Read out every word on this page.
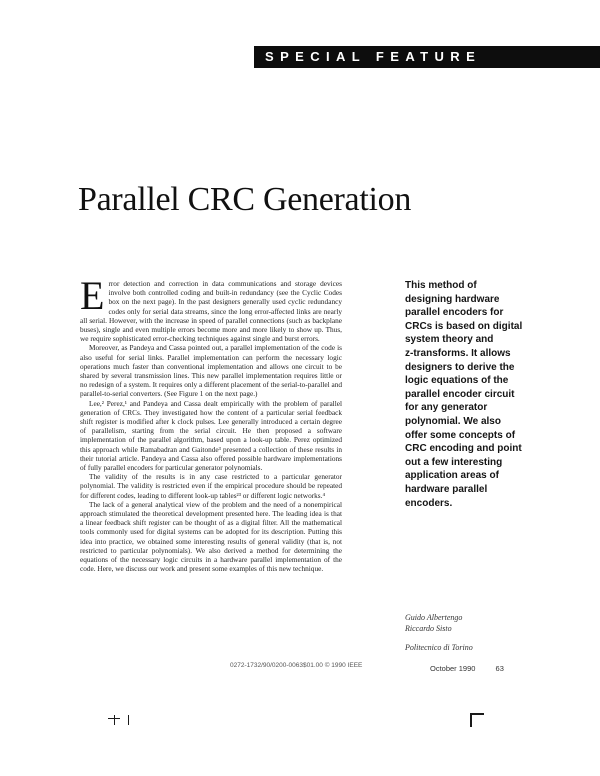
SPECIAL FEATURE
Parallel CRC Generation

Error detection and correction in data communications and storage devices involve both controlled coding and built-in redundancy (see the Cyclic Codes box on the next page). In the past designers generally used cyclic redundancy codes only for serial data streams, since the long error-affected links are nearly all serial. However, with the increase in speed of parallel connections (such as backplane buses), single and even multiple errors become more and more likely to show up. Thus, we require sophisticated error-checking techniques against single and burst errors.

Moreover, as Pandeya and Cassa pointed out, a parallel implementation of the code is also useful for serial links. Parallel implementation can perform the necessary logic operations much faster than conventional implementation and allows one circuit to be shared by several transmission lines. This new parallel implementation requires little or no redesign of a system. It requires only a different placement of the serial-to-parallel and parallel-to-serial converters. (See Figure 1 on the next page.)

Lee,² Perez,¹ and Pandeya and Cassa dealt empirically with the problem of parallel generation of CRCs. They investigated how the content of a particular serial feedback shift register is modified after k clock pulses. Lee generally introduced a certain degree of parallelism, starting from the serial circuit. He then proposed a software implementation of the parallel algorithm, based upon a look-up table. Perez optimized this approach while Ramabadran and Gaitonde³ presented a collection of these results in their tutorial article. Pandeya and Cassa also offered possible hardware implementations of fully parallel encoders for particular generator polynomials.

The validity of the results is in any case restricted to a particular generator polynomial. The validity is restricted even if the empirical procedure should be repeated for different codes, leading to different look-up tables²³ or different logic networks.⁴

The lack of a general analytical view of the problem and the need of a nonempirical approach stimulated the theoretical development presented here. The leading idea is that a linear feedback shift register can be thought of as a digital filter. All the mathematical tools commonly used for digital systems can be adopted for its description. Putting this idea into practice, we obtained some interesting results of general validity (that is, not restricted to particular polynomials). We also derived a method for determining the equations of the necessary logic circuits in a hardware parallel implementation of the code. Here, we discuss our work and present some examples of this new technique.

This method of

designing hardware

parallel encoders for

CRCs is based on digital

system theory and

z-transforms. It allows

designers to derive the

logic equations of the

parallel encoder circuit

for any generator

polynomial. We also

offer some concepts of

CRC encoding and point

out a few interesting

application areas of

hardware parallel

encoders.

Guido Albertengo
Riccardo Sisto
Politecnico di Torino
0272-1732/90/0200-0063$01.00 © 1990 IEEE	October 1990	63
